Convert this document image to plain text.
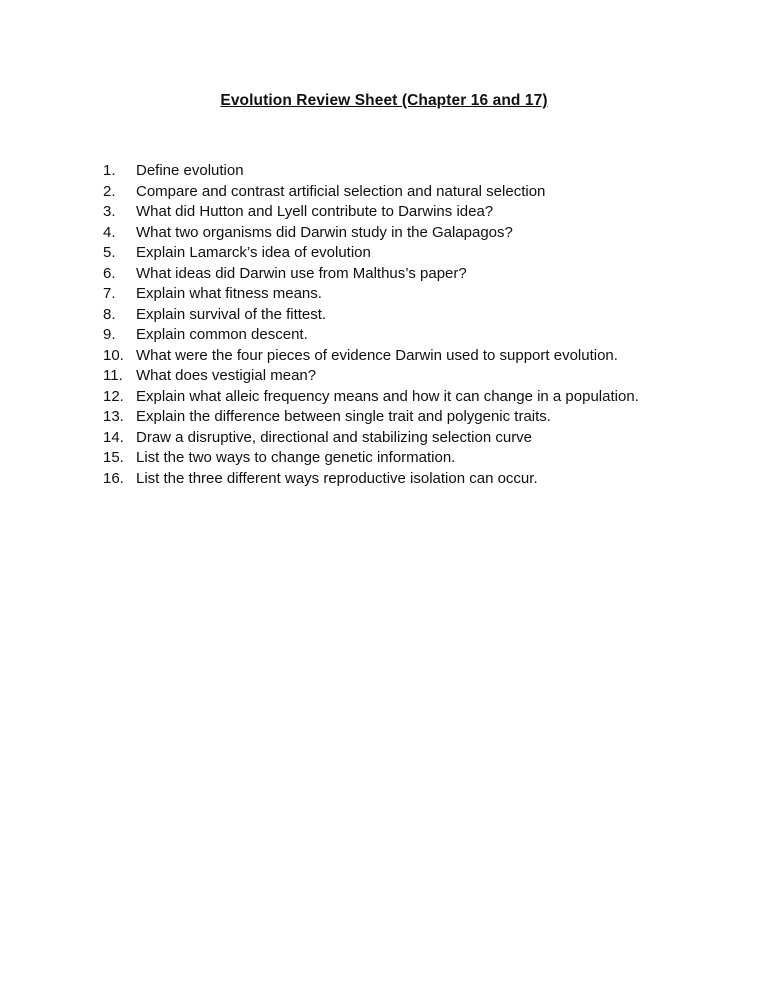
Evolution Review Sheet (Chapter 16 and 17)
1.	Define evolution
2.	Compare and contrast artificial selection and natural selection
3.	What did Hutton and Lyell contribute to Darwins idea?
4.	What two organisms did Darwin study in the Galapagos?
5.	Explain Lamarck’s idea of evolution
6.	What ideas did Darwin use from Malthus’s paper?
7.	Explain what fitness means.
8.	Explain survival of the fittest.
9.	Explain common descent.
10. What were the four pieces of evidence Darwin used to support evolution.
11. What does vestigial mean?
12. Explain what alleic frequency means and how it can change in a population.
13. Explain the difference between single trait and polygenic traits.
14. Draw a disruptive, directional and stabilizing selection curve
15. List the two ways to change genetic information.
16. List the three different ways reproductive isolation can occur.
